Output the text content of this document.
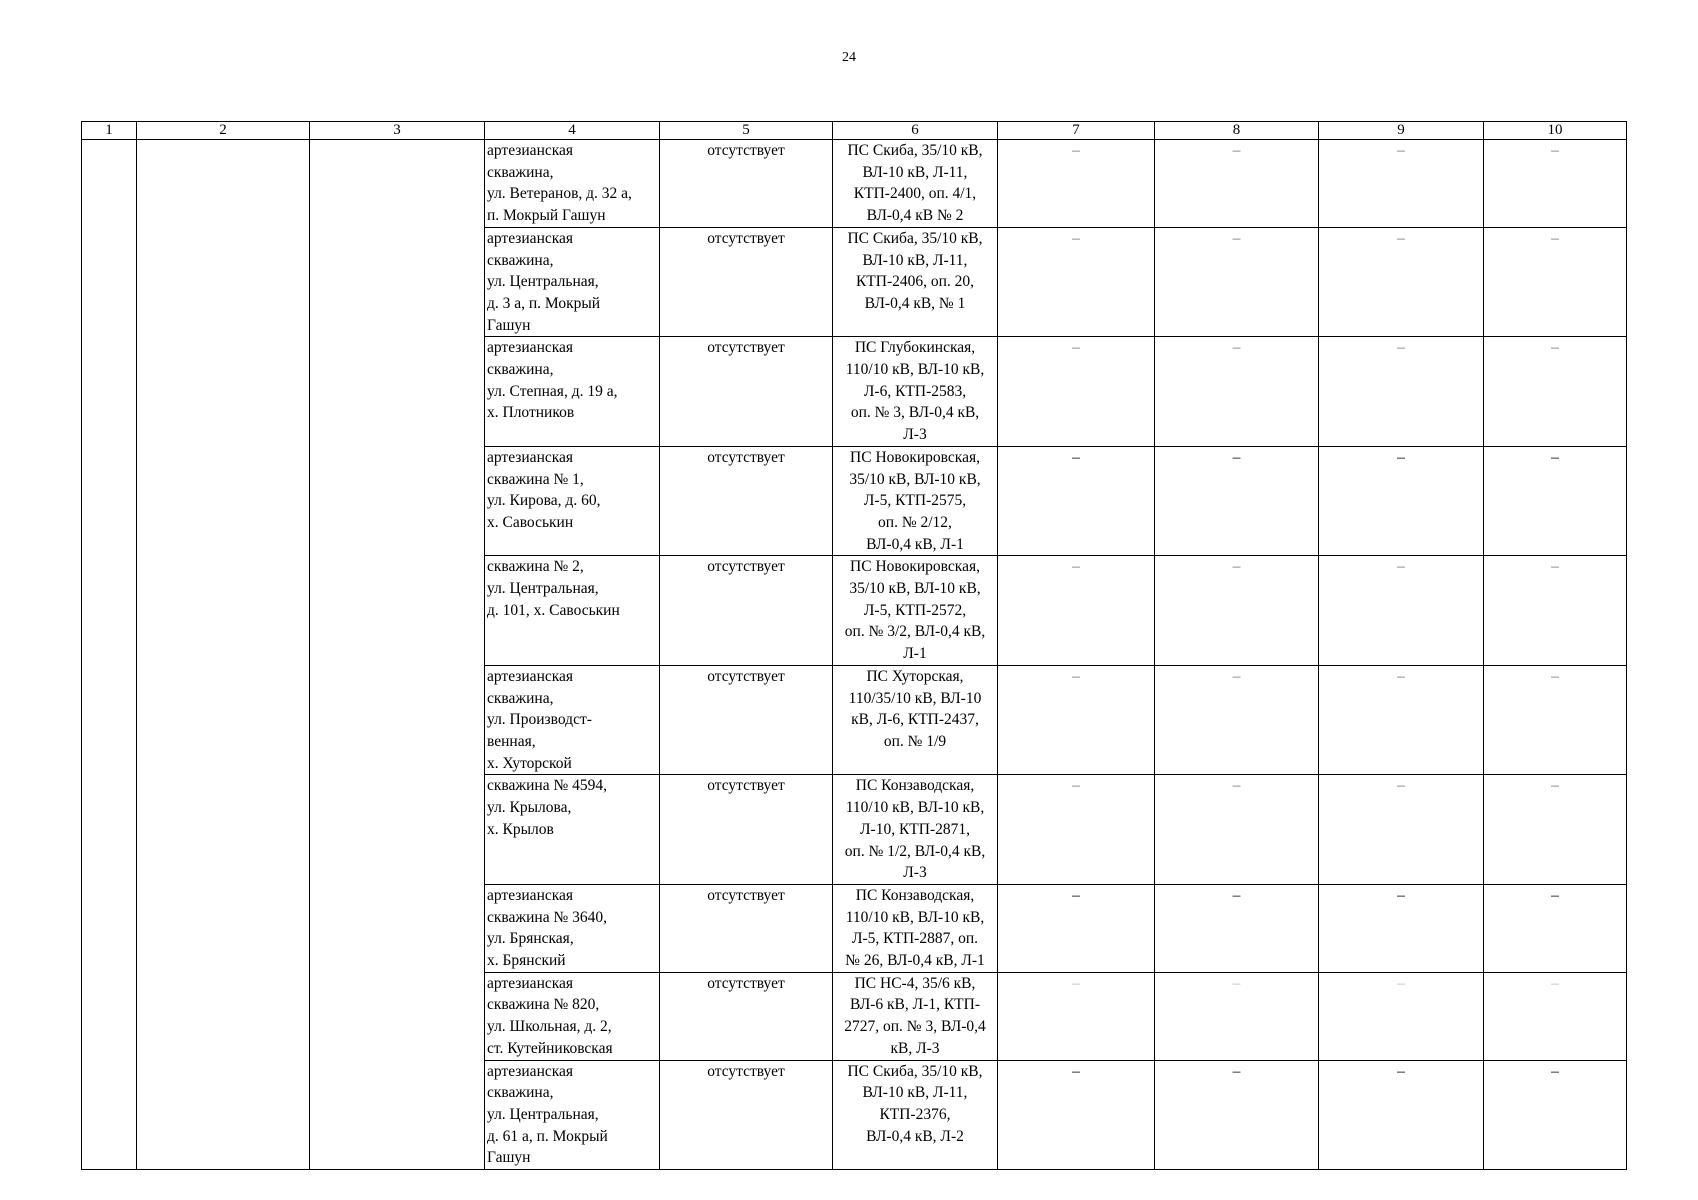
24
1	2	3	4	5	6	7	8	9	10
			артезианская
скважина,
ул. Ветеранов, д. 32 а,
п. Мокрый Гашун	отсутствует	ПС Скиба, 35/10 кВ,
ВЛ-10 кВ, Л-11,
КТП-2400, оп. 4/1,
ВЛ-0,4 кВ № 2	–	–	–	–
			артезианская
скважина,
ул. Центральная,
д. 3 а, п. Мокрый
Гашун	отсутствует	ПС Скиба, 35/10 кВ,
ВЛ-10 кВ, Л-11,
КТП-2406, оп. 20,
ВЛ-0,4 кВ, № 1	–	–	–	–
			артезианская
скважина,
ул. Степная, д. 19 а,
х. Плотников	отсутствует	ПС Глубокинская,
110/10 кВ, ВЛ-10 кВ,
Л-6, КТП-2583,
оп. № 3, ВЛ-0,4 кВ,
Л-3	–	–	–	–
			артезианская
скважина № 1,
ул. Кирова, д. 60,
х. Савоськин	отсутствует	ПС Новокировская,
35/10 кВ, ВЛ-10 кВ,
Л-5, КТП-2575,
оп. № 2/12,
ВЛ-0,4 кВ, Л-1	–	–	–	–
			скважина № 2,
ул. Центральная,
д. 101, х. Савоськин	отсутствует	ПС Новокировская,
35/10 кВ, ВЛ-10 кВ,
Л-5, КТП-2572,
оп. № 3/2, ВЛ-0,4 кВ,
Л-1	–	–	–	–
			артезианская
скважина,
ул. Производст-
венная,
х. Хуторской	отсутствует	ПС Хуторская,
110/35/10 кВ, ВЛ-10
кВ, Л-6, КТП-2437,
оп. № 1/9	–	–	–	–
			скважина № 4594,
ул. Крылова,
х. Крылов	отсутствует	ПС Конзаводская,
110/10 кВ, ВЛ-10 кВ,
Л-10, КТП-2871,
оп. № 1/2, ВЛ-0,4 кВ,
Л-3	–	–	–	–
			артезианская
скважина № 3640,
ул. Брянская,
х. Брянский	отсутствует	ПС Конзаводская,
110/10 кВ, ВЛ-10 кВ,
Л-5, КТП-2887, оп.
№ 26, ВЛ-0,4 кВ, Л-1	–	–	–	–
			артезианская
скважина № 820,
ул. Школьная, д. 2,
ст. Кутейниковская	отсутствует	ПС НС-4, 35/6 кВ,
ВЛ-6 кВ, Л-1, КТП-
2727, оп. № 3, ВЛ-0,4
кВ, Л-3	–	–	–	–
			артезианская
скважина,
ул. Центральная,
д. 61 а, п. Мокрый
Гашун	отсутствует	ПС Скиба, 35/10 кВ,
ВЛ-10 кВ, Л-11,
КТП-2376,
ВЛ-0,4 кВ, Л-2	–	–	–	–
